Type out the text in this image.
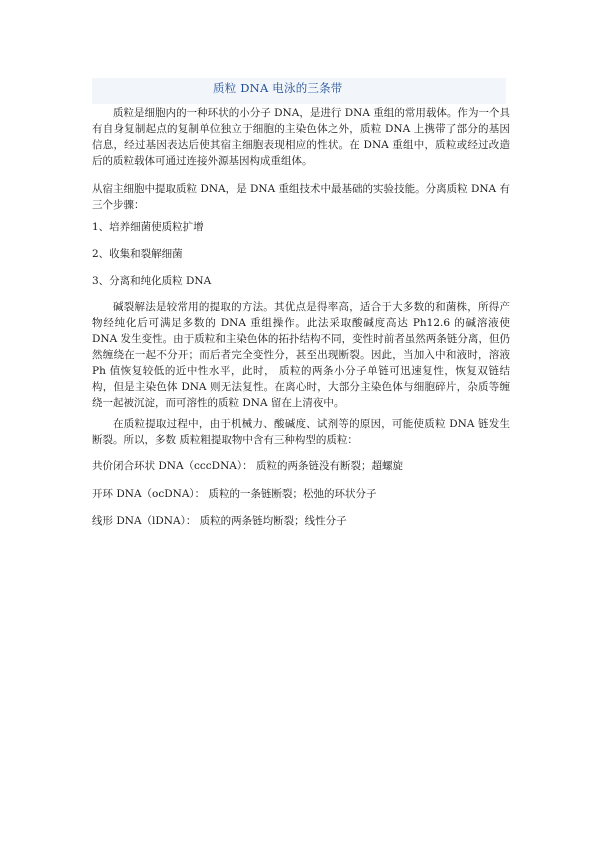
质粒 DNA 电泳的三条带

质粒是细胞内的一种环状的小分子 DNA，是进行 DNA 重组的常用载体。作为一个具有自身复制起点的复制单位独立于细胞的主染色体之外，质粒 DNA 上携带了部分的基因信息，经过基因表达后使其宿主细胞表现相应的性状。在 DNA 重组中，质粒或经过改造后的质粒载体可通过连接外源基因构成重组体。

从宿主细胞中提取质粒 DNA，是 DNA 重组技术中最基础的实验技能。分离质粒 DNA 有三个步骤：

1、培养细菌使质粒扩增

2、收集和裂解细菌

3、分离和纯化质粒 DNA

碱裂解法是较常用的提取的方法。其优点是得率高，适合于大多数的和菌株，所得产物经纯化后可满足多数的 DNA 重组操作。此法采取酸碱度高达 Ph12.6 的碱溶液使 DNA 发生变性。由于质粒和主染色体的拓扑结构不同，变性时前者虽然两条链分离，但仍然缠绕在一起不分开；而后者完全变性分，甚至出现断裂。因此，当加入中和液时，溶液 Ph 值恢复较低的近中性水平，此时， 质粒的两条小分子单链可迅速复性，恢复双链结构，但是主染色体 DNA 则无法复性。在离心时，大部分主染色体与细胞碎片，杂质等缠绕一起被沉淀，而可溶性的质粒 DNA 留在上清夜中。

在质粒提取过程中，由于机械力、酸碱度、试剂等的原因，可能使质粒 DNA 链发生断裂。所以，多数 质粒粗提取物中含有三种构型的质粒：

共价闭合环状 DNA（cccDNA）： 质粒的两条链没有断裂；超螺旋

开环 DNA（ocDNA）： 质粒的一条链断裂；松弛的环状分子

线形 DNA（lDNA）： 质粒的两条链均断裂；线性分子
